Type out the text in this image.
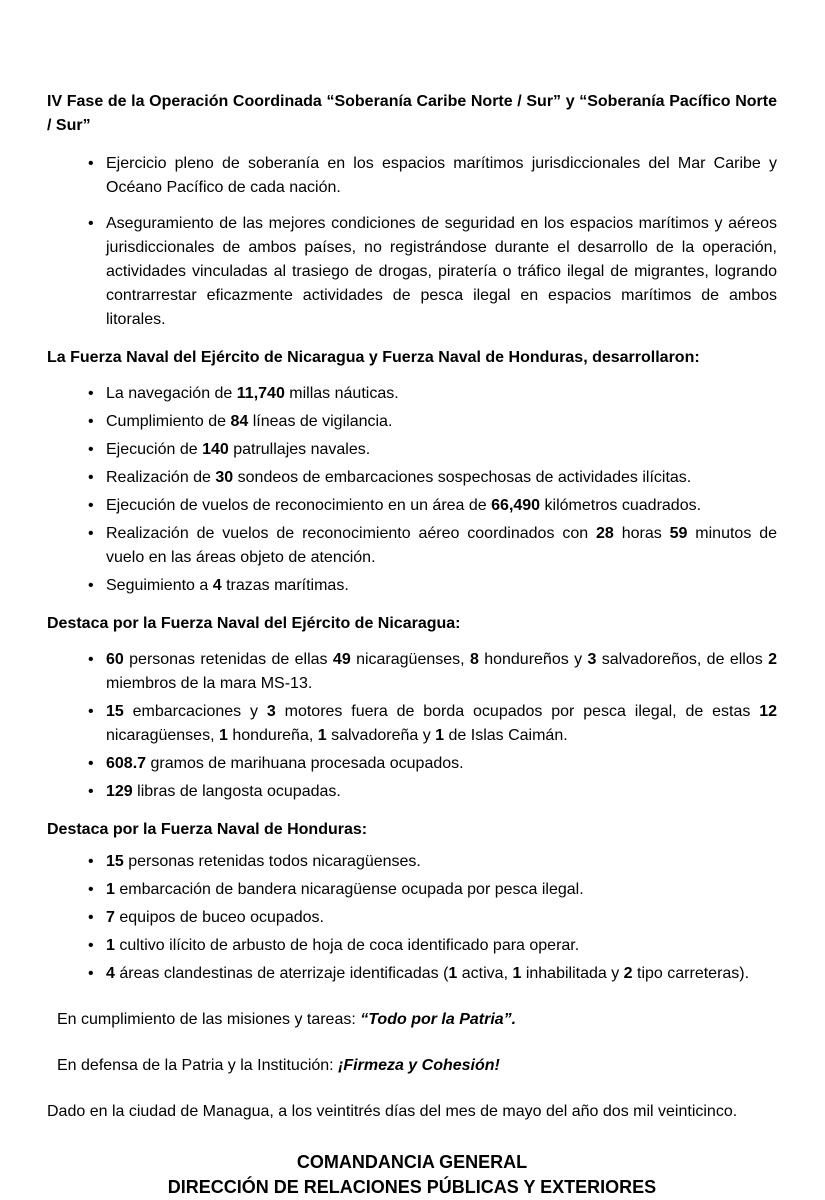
IV Fase de la Operación Coordinada “Soberanía Caribe Norte / Sur” y “Soberanía Pacífico Norte / Sur”
• Ejercicio pleno de soberanía en los espacios marítimos jurisdiccionales del Mar Caribe y Océano Pacífico de cada nación.
• Aseguramiento de las mejores condiciones de seguridad en los espacios marítimos y aéreos jurisdiccionales de ambos países, no registrándose durante el desarrollo de la operación, actividades vinculadas al trasiego de drogas, piratería o tráfico ilegal de migrantes, logrando contrarrestar eficazmente actividades de pesca ilegal en espacios marítimos de ambos litorales.
La Fuerza Naval del Ejército de Nicaragua y Fuerza Naval de Honduras, desarrollaron:
• La navegación de 11,740 millas náuticas.
• Cumplimiento de 84 líneas de vigilancia.
• Ejecución de 140 patrullajes navales.
• Realización de 30 sondeos de embarcaciones sospechosas de actividades ilícitas.
• Ejecución de vuelos de reconocimiento en un área de 66,490 kilómetros cuadrados.
• Realización de vuelos de reconocimiento aéreo coordinados con 28 horas 59 minutos de vuelo en las áreas objeto de atención.
• Seguimiento a 4 trazas marítimas.
Destaca por la Fuerza Naval del Ejército de Nicaragua:
• 60 personas retenidas de ellas 49 nicaragüenses, 8 hondureños y 3 salvadoreños, de ellos 2 miembros de la mara MS-13.
• 15 embarcaciones y 3 motores fuera de borda ocupados por pesca ilegal, de estas 12 nicaragüenses, 1 hondureña, 1 salvadoreña y 1 de Islas Caimán.
• 608.7 gramos de marihuana procesada ocupados.
• 129 libras de langosta ocupadas.
Destaca por la Fuerza Naval de Honduras:
• 15 personas retenidas todos nicaragüenses.
• 1 embarcación de bandera nicaragüense ocupada por pesca ilegal.
• 7 equipos de buceo ocupados.
• 1 cultivo ilícito de arbusto de hoja de coca identificado para operar.
• 4 áreas clandestinas de aterrizaje identificadas (1 activa, 1 inhabilitada y 2 tipo carreteras).

En cumplimiento de las misiones y tareas: “Todo por la Patria”.

En defensa de la Patria y la Institución: ¡Firmeza y Cohesión!

Dado en la ciudad de Managua, a los veintitrés días del mes de mayo del año dos mil veinticinco.

COMANDANCIA GENERAL
DIRECCIÓN DE RELACIONES PÚBLICAS Y EXTERIORES
